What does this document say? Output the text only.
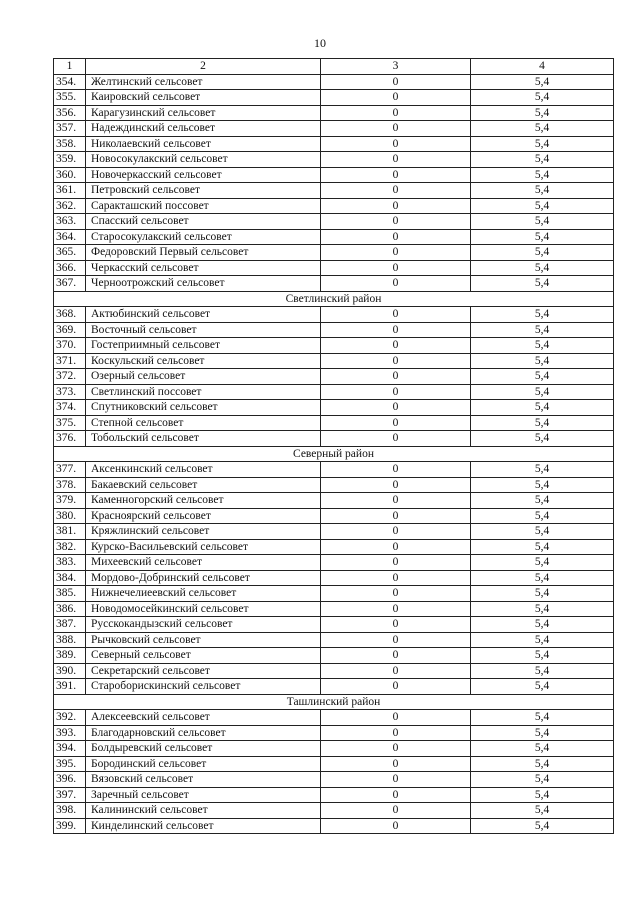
10
1	2	3	4
354.	Желтинский сельсовет	0	5,4
355.	Каировский сельсовет	0	5,4
356.	Карагузинский сельсовет	0	5,4
357.	Надеждинский сельсовет	0	5,4
358.	Николаевский сельсовет	0	5,4
359.	Новосокулакский сельсовет	0	5,4
360.	Новочеркасский сельсовет	0	5,4
361.	Петровский сельсовет	0	5,4
362.	Саракташский поссовет	0	5,4
363.	Спасский сельсовет	0	5,4
364.	Старосокулакский сельсовет	0	5,4
365.	Федоровский Первый сельсовет	0	5,4
366.	Черкасский сельсовет	0	5,4
367.	Черноотрожский сельсовет	0	5,4
Светлинский район			
368.	Актюбинский сельсовет	0	5,4
369.	Восточный сельсовет	0	5,4
370.	Гостеприимный сельсовет	0	5,4
371.	Коскульский сельсовет	0	5,4
372.	Озерный сельсовет	0	5,4
373.	Светлинский поссовет	0	5,4
374.	Спутниковский сельсовет	0	5,4
375.	Степной сельсовет	0	5,4
376.	Тобольский сельсовет	0	5,4
Северный район			
377.	Аксенкинский сельсовет	0	5,4
378.	Бакаевский сельсовет	0	5,4
379.	Каменногорский сельсовет	0	5,4
380.	Красноярский сельсовет	0	5,4
381.	Кряжлинский сельсовет	0	5,4
382.	Курско-Васильевский сельсовет	0	5,4
383.	Михеевский сельсовет	0	5,4
384.	Мордово-Добринский сельсовет	0	5,4
385.	Нижнечелиеевский сельсовет	0	5,4
386.	Новодомосейкинский сельсовет	0	5,4
387.	Русскокандызский сельсовет	0	5,4
388.	Рычковский сельсовет	0	5,4
389.	Северный сельсовет	0	5,4
390.	Секретарский сельсовет	0	5,4
391.	Староборискинский сельсовет	0	5,4
Ташлинский район			
392.	Алексеевский сельсовет	0	5,4
393.	Благодарновский сельсовет	0	5,4
394.	Болдыревский сельсовет	0	5,4
395.	Бородинский сельсовет	0	5,4
396.	Вязовский сельсовет	0	5,4
397.	Заречный сельсовет	0	5,4
398.	Калининский сельсовет	0	5,4
399.	Кинделинский сельсовет	0	5,4
